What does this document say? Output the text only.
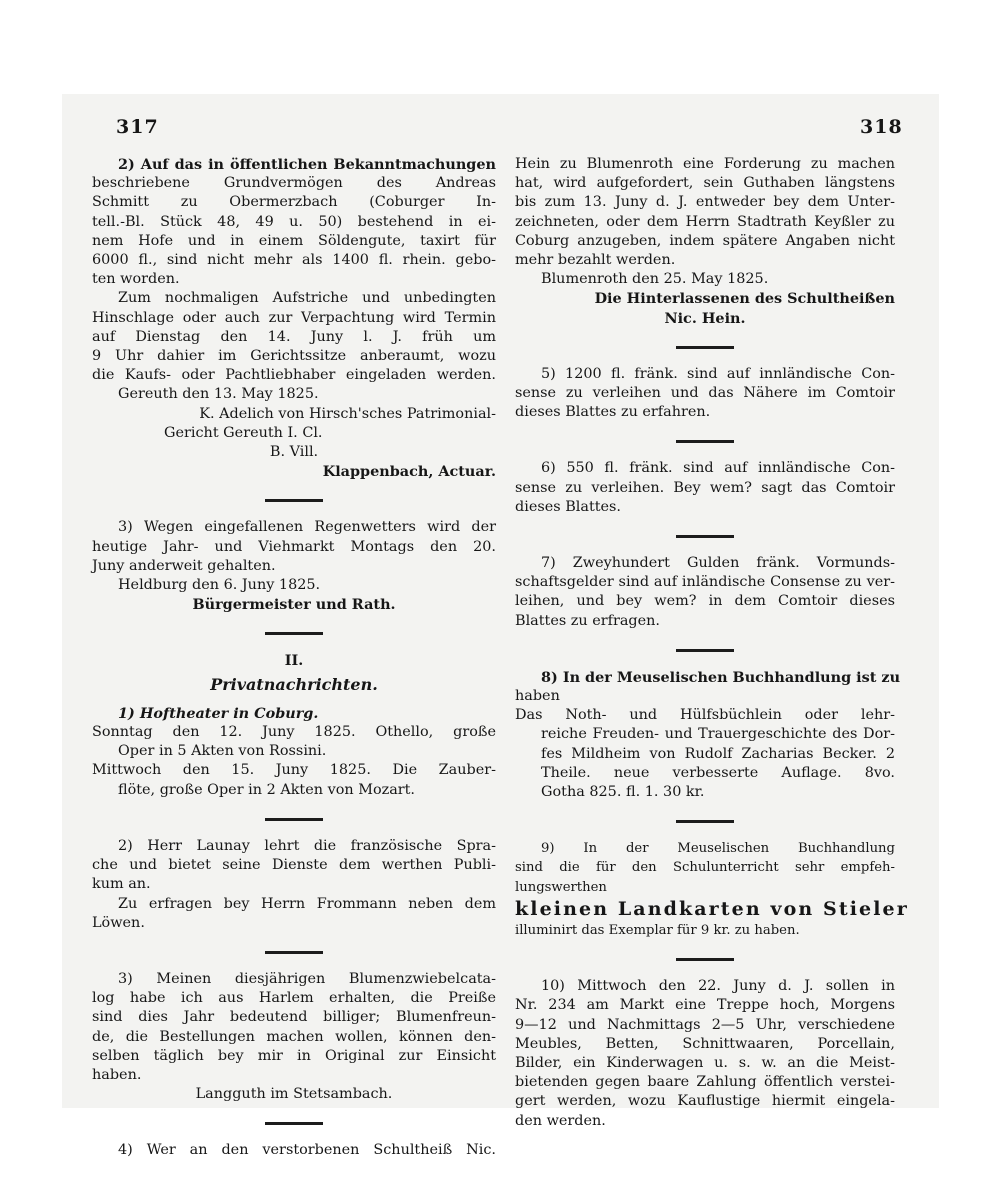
317	318
2) Auf das in öffentlichen Bekanntmachungen
beschriebene Grundvermögen des Andreas
Schmitt zu Obermerzbach (Coburger In-
tell.-Bl. Stück 48, 49 u. 50) bestehend in ei-
nem Hofe und in einem Söldengute, taxirt für
6000 fl., sind nicht mehr als 1400 fl. rhein. gebo-
ten worden.
Zum nochmaligen Aufstriche und unbedingten
Hinschlage oder auch zur Verpachtung wird Termin
auf Dienstag den 14. Juny l. J. früh um
9 Uhr dahier im Gerichtssitze anberaumt, wozu
die Kaufs- oder Pachtliebhaber eingeladen werden.
Gereuth den 13. May 1825.
K. Adelich von Hirsch'sches Patrimonial-
Gericht Gereuth I. Cl.
B. Vill.
Klappenbach, Actuar.
3) Wegen eingefallenen Regenwetters wird der
heutige Jahr- und Viehmarkt Montags den 20.
Juny anderweit gehalten.
Heldburg den 6. Juny 1825.
Bürgermeister und Rath.
II.
Privatnachrichten.
1) Hoftheater in Coburg.
Sonntag den 12. Juny 1825. Othello, große
Oper in 5 Akten von Rossini.
Mittwoch den 15. Juny 1825. Die Zauber-
flöte, große Oper in 2 Akten von Mozart.
2) Herr Launay lehrt die französische Spra-
che und bietet seine Dienste dem werthen Publi-
kum an.
Zu erfragen bey Herrn Frommann neben dem
Löwen.
3) Meinen diesjährigen Blumenzwiebelcata-
log habe ich aus Harlem erhalten, die Preiße
sind dies Jahr bedeutend billiger; Blumenfreun-
de, die Bestellungen machen wollen, können den-
selben täglich bey mir in Original zur Einsicht
haben.
Langguth im Stetsambach.
4) Wer an den verstorbenen Schultheiß Nic.
Hein zu Blumenroth eine Forderung zu machen
hat, wird aufgefordert, sein Guthaben längstens
bis zum 13. Juny d. J. entweder bey dem Unter-
zeichneten, oder dem Herrn Stadtrath Keyßler zu
Coburg anzugeben, indem spätere Angaben nicht
mehr bezahlt werden.
Blumenroth den 25. May 1825.
Die Hinterlassenen des Schultheißen
Nic. Hein.
5) 1200 fl. fränk. sind auf innländische Con-
sense zu verleihen und das Nähere im Comtoir
dieses Blattes zu erfahren.
6) 550 fl. fränk. sind auf innländische Con-
sense zu verleihen. Bey wem? sagt das Comtoir
dieses Blattes.
7) Zweyhundert Gulden fränk. Vormunds-
schaftsgelder sind auf inländische Consense zu ver-
leihen, und bey wem? in dem Comtoir dieses
Blattes zu erfragen.
8) In der Meuselischen Buchhandlung ist zu
haben
Das Noth- und Hülfsbüchlein oder lehr-
reiche Freuden- und Trauergeschichte des Dor-
fes Mildheim von Rudolf Zacharias Becker. 2
Theile. neue verbesserte Auflage. 8vo.
Gotha 825. fl. 1. 30 kr.
9) In der Meuselischen Buchhandlung
sind die für den Schulunterricht sehr empfeh-
lungswerthen
kleinen Landkarten von Stieler
illuminirt das Exemplar für 9 kr. zu haben.
10) Mittwoch den 22. Juny d. J. sollen in
Nr. 234 am Markt eine Treppe hoch, Morgens
9—12 und Nachmittags 2—5 Uhr, verschiedene
Meubles, Betten, Schnittwaaren, Porcellain,
Bilder, ein Kinderwagen u. s. w. an die Meist-
bietenden gegen baare Zahlung öffentlich verstei-
gert werden, wozu Kauflustige hiermit eingela-
den werden.
